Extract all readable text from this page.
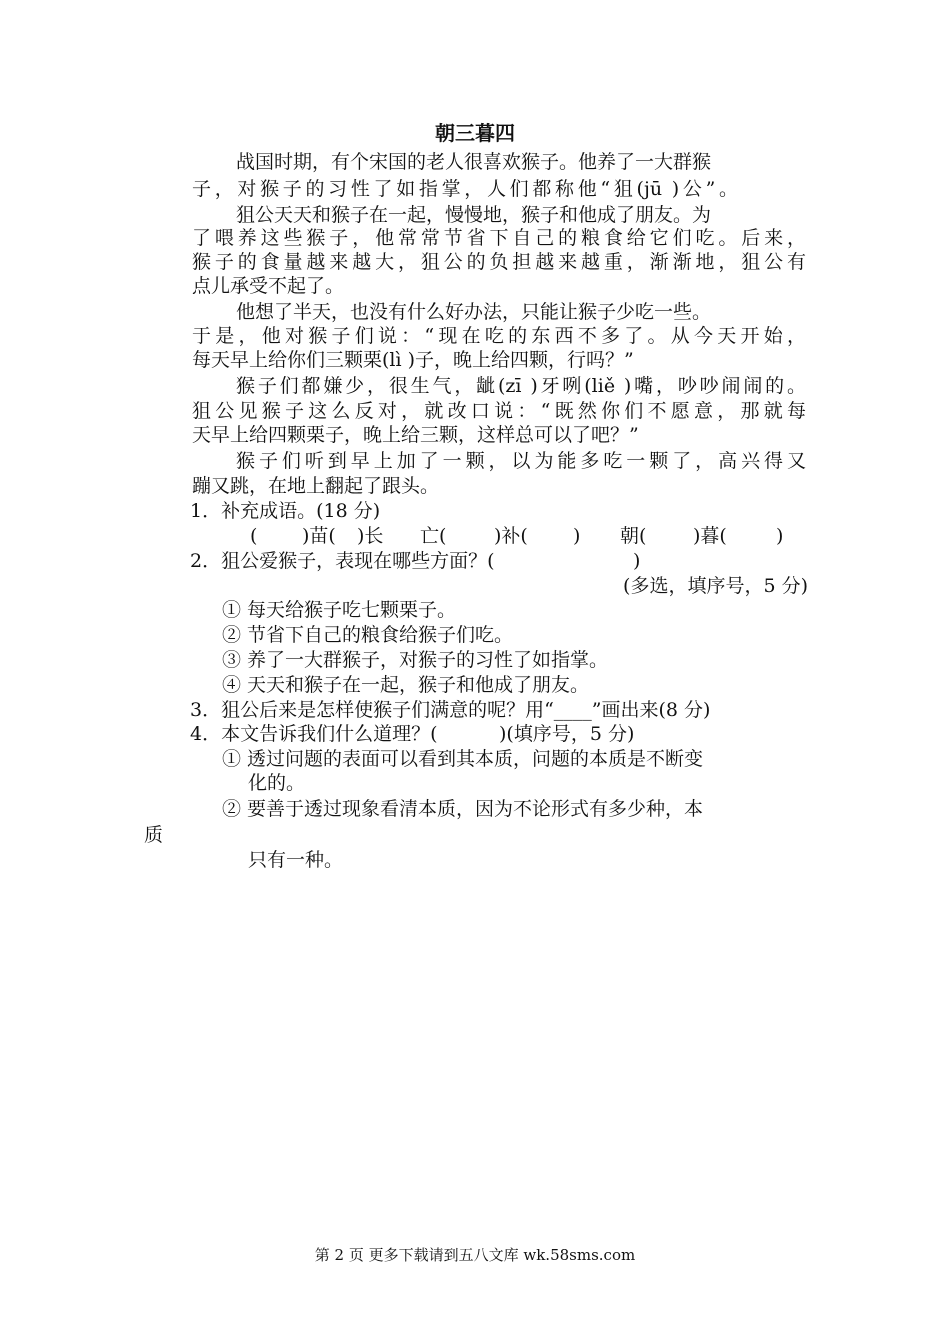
朝三暮四
战国时期，有个宋国的老人很喜欢猴子。他养了一大群猴
子，对猴子的习性了如指掌，人们都称他“狙(jū )公”。
狙公天天和猴子在一起，慢慢地，猴子和他成了朋友。为
了喂养这些猴子，他常常节省下自己的粮食给它们吃。后来，
猴子的食量越来越大，狙公的负担越来越重，渐渐地，狙公有
点儿承受不起了。
他想了半天，也没有什么好办法，只能让猴子少吃一些。
于是，他对猴子们说：“现在吃的东西不多了。从今天开始，
每天早上给你们三颗栗(lì )子，晚上给四颗，行吗？”
猴子们都嫌少，很生气，龇(zī )牙咧(liě )嘴，吵吵闹闹的。
狙公见猴子这么反对，就改口说：“既然你们不愿意，那就每
天早上给四颗栗子，晚上给三颗，这样总可以了吧？”
猴子们听到早上加了一颗，以为能多吃一颗了，高兴得又
蹦又跳，在地上翻起了跟头。
1．补充成语。(18 分)
( )苗( )长 亡(	)补( ) 朝( )暮(	)
2．狙公爱猴子，表现在哪些方面？(	)
(多选，填序号，5 分)
① 每天给猴子吃七颗栗子。
② 节省下自己的粮食给猴子们吃。
③ 养了一大群猴子，对猴子的习性了如指掌。
④ 天天和猴子在一起，猴子和他成了朋友。
3．狙公后来是怎样使猴子们满意的呢？用“____”画出来(8 分)
4．本文告诉我们什么道理？(	)(填序号，5 分)
① 透过问题的表面可以看到其本质，问题的本质是不断变
化的。
② 要善于透过现象看清本质，因为不论形式有多少种，本
质
只有一种。
第 2 页 更多下载请到五八文库 wk.58sms.com
